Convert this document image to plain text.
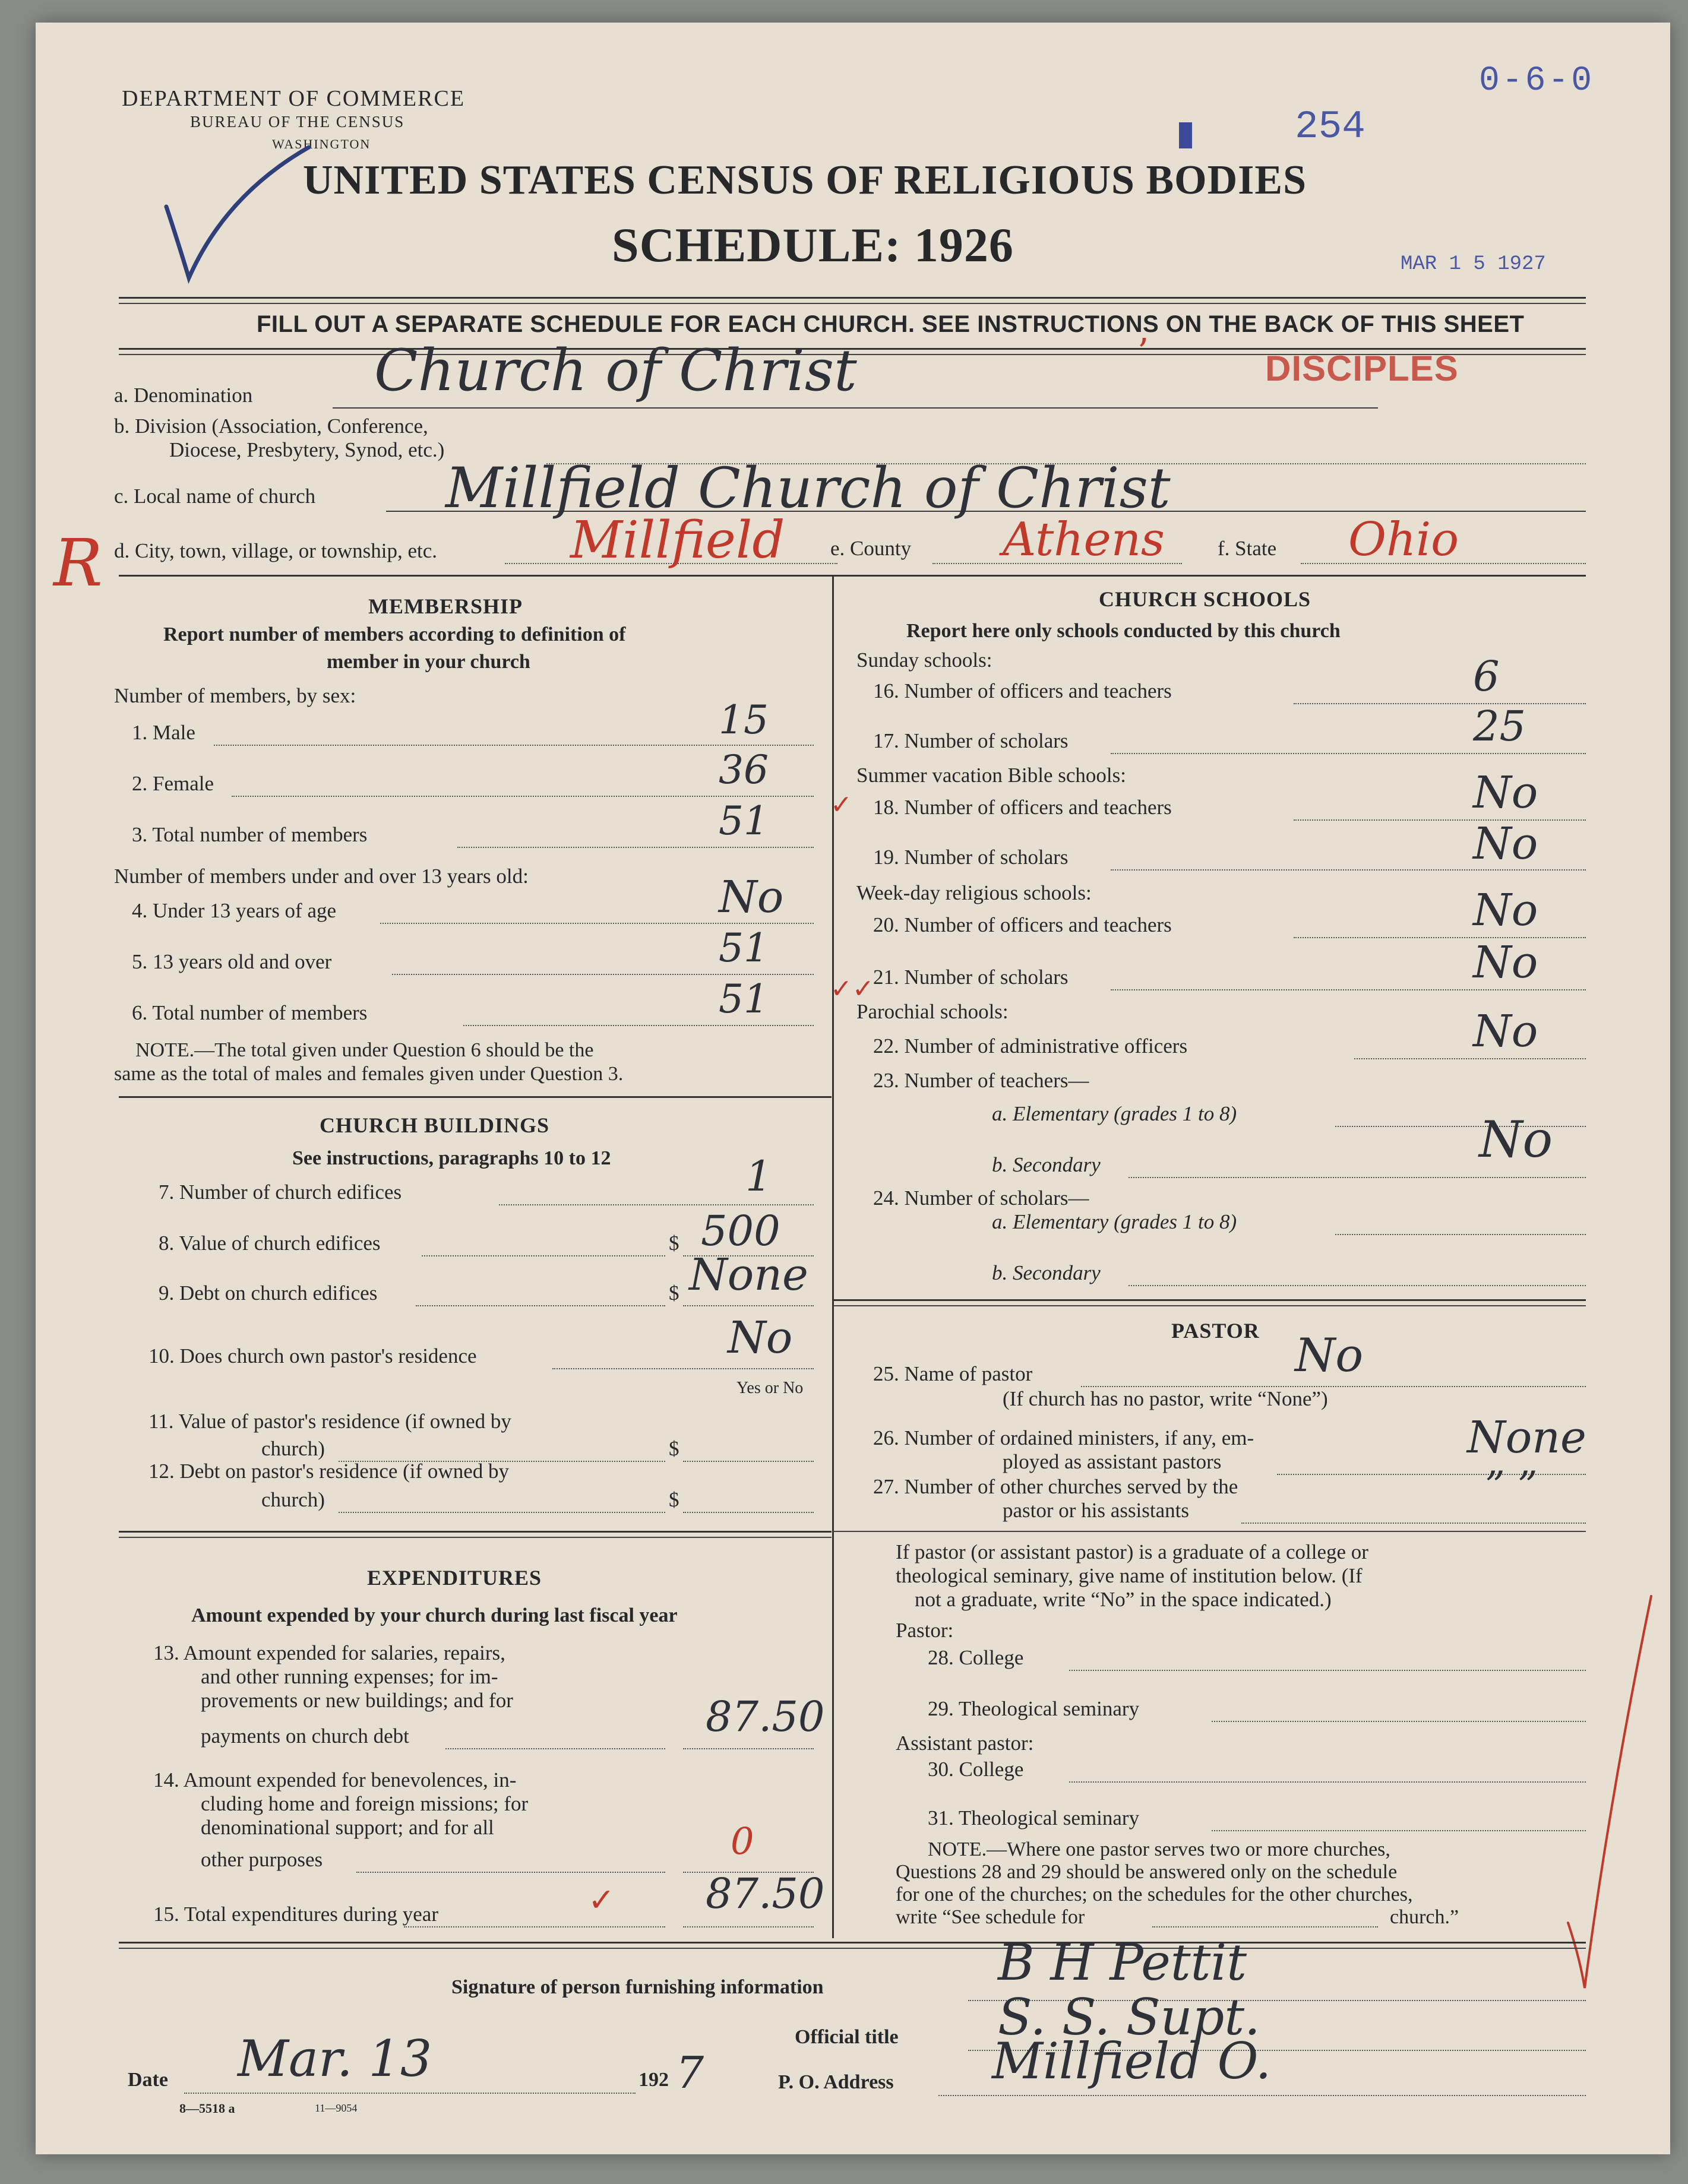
DEPARTMENT OF COMMERCE
BUREAU OF THE CENSUS
WASHINGTON
0-6-0
254
UNITED STATES CENSUS OF RELIGIOUS BODIES
SCHEDULE: 1926	MAR 1 5 1927
FILL OUT A SEPARATE SCHEDULE FOR EACH CHURCH. SEE INSTRUCTIONS ON THE BACK OF THIS SHEET
a. Denomination Church of Christ	’	DISCIPLES
b. Division (Association, Conference,
Diocese, Presbytery, Synod, etc.)
c. Local name of church Millfield Church of Christ
R d. City, town, village, or township, etc.	Millfield e. County Athens	f. State Ohio
MEMBERSHIP
Report number of members according to definition of
member in your church
Number of members, by sex:
1. Male	15
2. Female	36
3. Total number of members	51
Number of members under and over 13 years old:
4. Under 13 years of age	No
5. 13 years old and over	51
6. Total number of members	51
NOTE.—The total given under Question 6 should be the
same as the total of males and females given under Question 3.
CHURCH BUILDINGS
See instructions, paragraphs 10 to 12
7. Number of church edifices	1
8. Value of church edifices	$ 500
9. Debt on church edifices	$ None
10. Does church own pastor's residence	No
Yes or No
11. Value of pastor's residence (if owned by
church)	$
12. Debt on pastor's residence (if owned by
church)	$
EXPENDITURES
Amount expended by your church during last fiscal year
13. Amount expended for salaries, repairs,
and other running expenses; for im-
provements or new buildings; and for
payments on church debt	87.50
14. Amount expended for benevolences, in-
cluding home and foreign missions; for
denominational support; and for all
other purposes	0
15. Total expenditures during year	✓ 87.50
CHURCH SCHOOLS
Report here only schools conducted by this church
Sunday schools:
16. Number of officers and teachers	6
17. Number of scholars	25
Summer vacation Bible schools:
✓ 18. Number of officers and teachers	No
19. Number of scholars	No
Week-day religious schools:
20. Number of officers and teachers	No
✓✓
21. Number of scholars	No
Parochial schools:
22. Number of administrative officers	No
23. Number of teachers—
a. Elementary (grades 1 to 8)
b. Secondary	No
24. Number of scholars—
a. Elementary (grades 1 to 8)
b. Secondary
PASTOR
25. Name of pastor	No
(If church has no pastor, write “None”)
26. Number of ordained ministers, if any, em-
ployed as assistant pastors	None
27. Number of other churches served by the
pastor or his assistants
” ”
If pastor (or assistant pastor) is a graduate of a college or
theological seminary, give name of institution below. (If
not a graduate, write “No” in the space indicated.)
Pastor:
28. College
29. Theological seminary
Assistant pastor:
30. College
31. Theological seminary
NOTE.—Where one pastor serves two or more churches,
Questions 28 and 29 should be answered only on the schedule
for one of the churches; on the schedules for the other churches,
write “See schedule for	church.”
Signature of person furnishing information	B H Pettit
Official title S. S. Supt.
Date Mar. 13	192 7	P. O. Address Millfield O.
8—5518 a	11—9054
